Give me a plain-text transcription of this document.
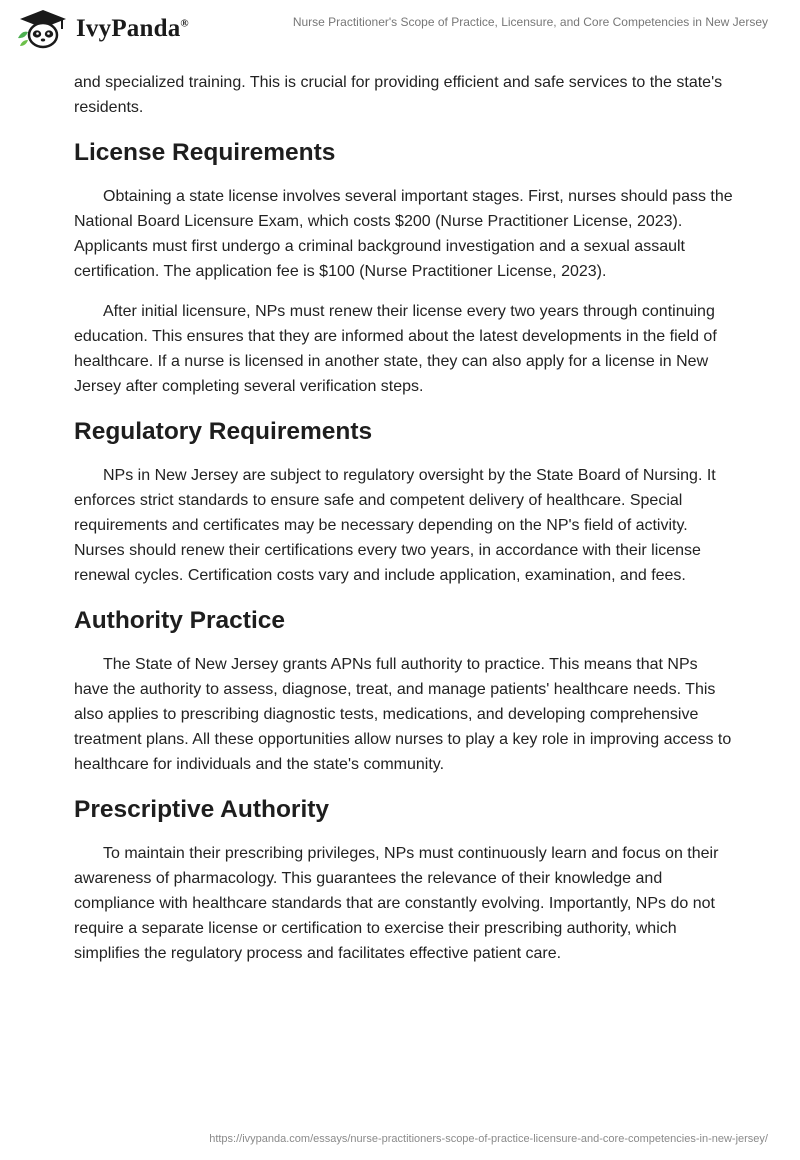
IvyPanda®	Nurse Practitioner's Scope of Practice, Licensure, and Core Competencies in New Jersey

and specialized training. This is crucial for providing efficient and safe services to the state's residents.

License Requirements

Obtaining a state license involves several important stages. First, nurses should pass the National Board Licensure Exam, which costs $200 (Nurse Practitioner License, 2023). Applicants must first undergo a criminal background investigation and a sexual assault certification. The application fee is $100 (Nurse Practitioner License, 2023).

After initial licensure, NPs must renew their license every two years through continuing education. This ensures that they are informed about the latest developments in the field of healthcare. If a nurse is licensed in another state, they can also apply for a license in New Jersey after completing several verification steps.

Regulatory Requirements

NPs in New Jersey are subject to regulatory oversight by the State Board of Nursing. It enforces strict standards to ensure safe and competent delivery of healthcare. Special requirements and certificates may be necessary depending on the NP's field of activity. Nurses should renew their certifications every two years, in accordance with their license renewal cycles. Certification costs vary and include application, examination, and fees.

Authority Practice

The State of New Jersey grants APNs full authority to practice. This means that NPs have the authority to assess, diagnose, treat, and manage patients' healthcare needs. This also applies to prescribing diagnostic tests, medications, and developing comprehensive treatment plans. All these opportunities allow nurses to play a key role in improving access to healthcare for individuals and the state's community.

Prescriptive Authority

To maintain their prescribing privileges, NPs must continuously learn and focus on their awareness of pharmacology. This guarantees the relevance of their knowledge and compliance with healthcare standards that are constantly evolving. Importantly, NPs do not require a separate license or certification to exercise their prescribing authority, which simplifies the regulatory process and facilitates effective patient care.

https://ivypanda.com/essays/nurse-practitioners-scope-of-practice-licensure-and-core-competencies-in-new-jersey/
